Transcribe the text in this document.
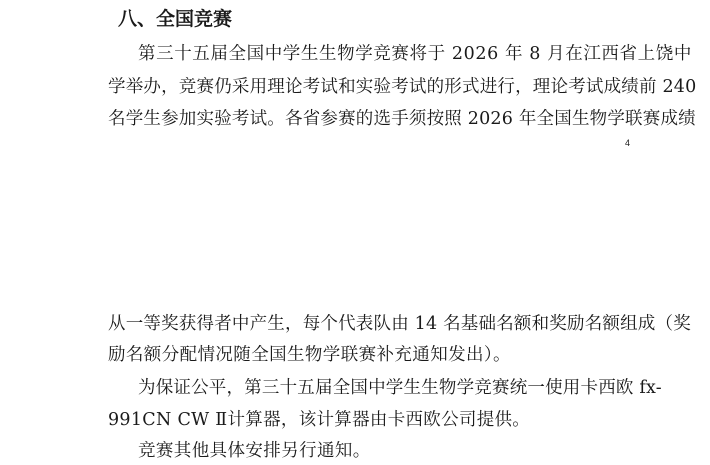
八、全国竞赛
第三十五届全国中学生生物学竞赛将于 2026 年 8 月在江西省上饶中
学举办，竞赛仍采用理论考试和实验考试的形式进行，理论考试成绩前 240
名学生参加实验考试。各省参赛的选手须按照 2026 年全国生物学联赛成绩
4
从一等奖获得者中产生，每个代表队由 14 名基础名额和奖励名额组成（奖
励名额分配情况随全国生物学联赛补充通知发出）。
为保证公平，第三十五届全国中学生生物学竞赛统一使用卡西欧 fx-
991CN CW Ⅱ计算器，该计算器由卡西欧公司提供。
竞赛其他具体安排另行通知。
